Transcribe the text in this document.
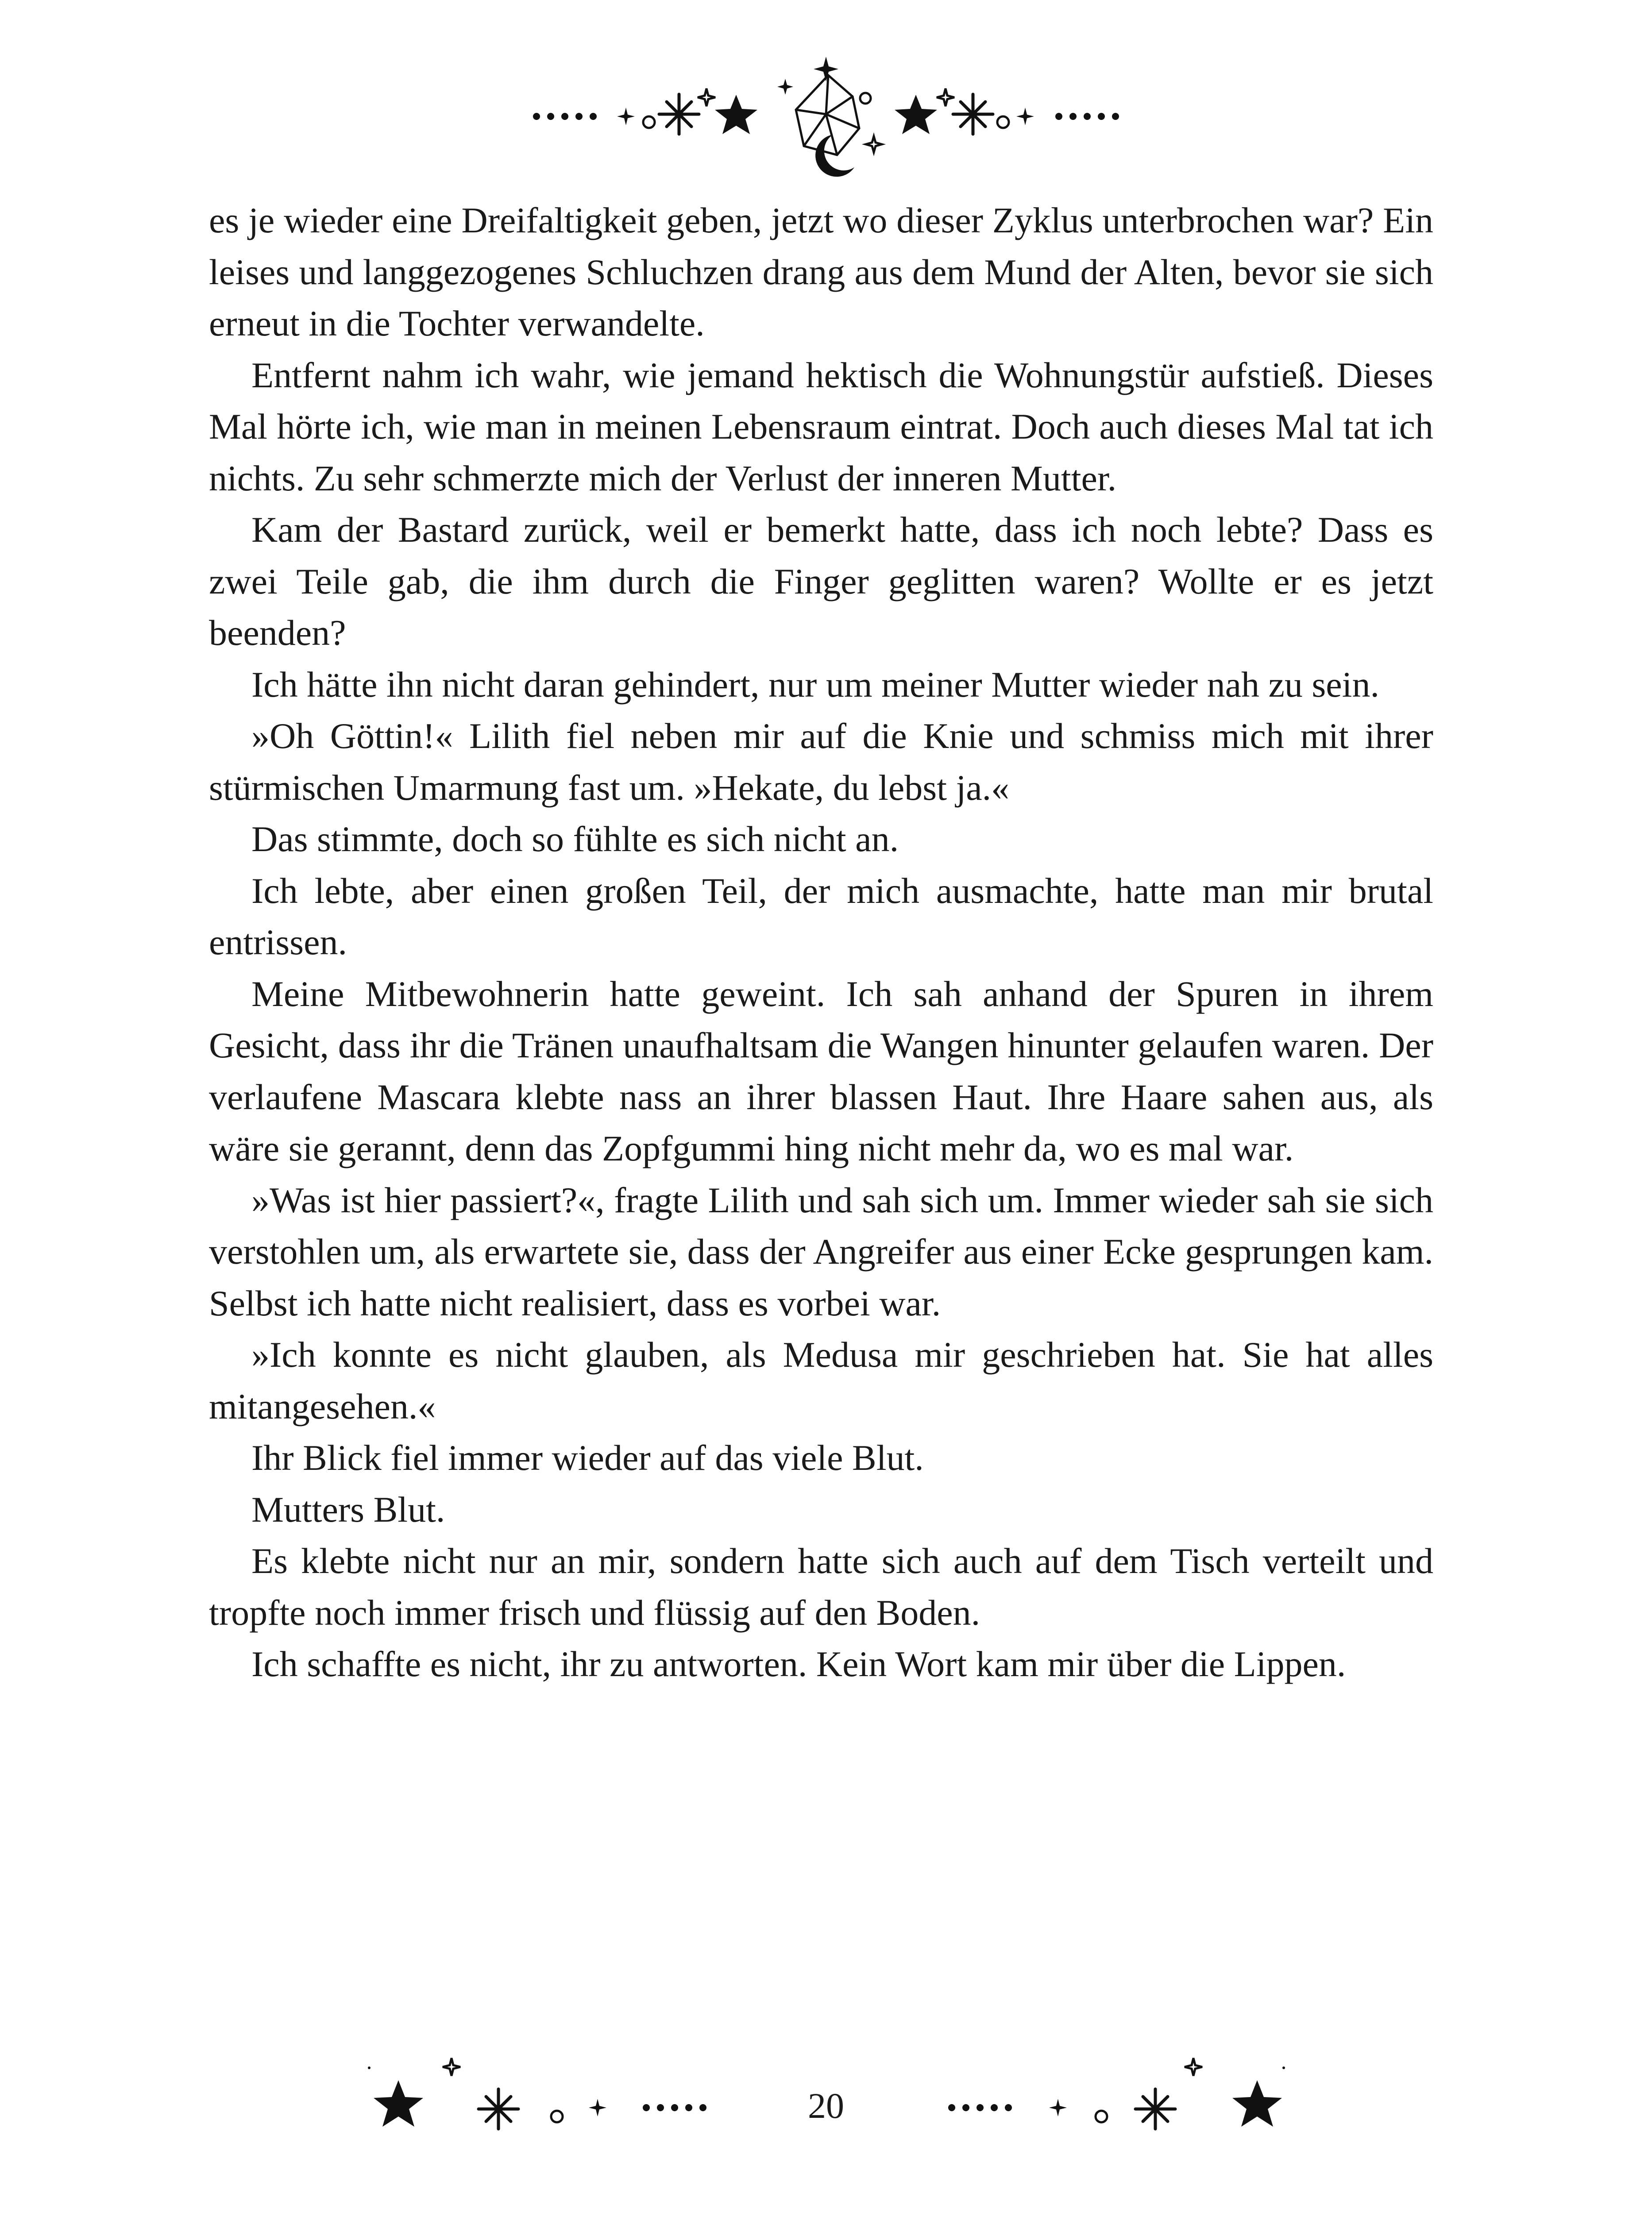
es je wieder eine Dreifaltigkeit geben, jetzt wo dieser Zyklus unterbrochen war? Ein leises und langgezogenes Schluchzen drang aus dem Mund der Alten, bevor sie sich erneut in die Tochter verwandelte.

Entfernt nahm ich wahr, wie jemand hektisch die Wohnungstür aufstieß. Dieses Mal hörte ich, wie man in meinen Lebensraum eintrat. Doch auch dieses Mal tat ich nichts. Zu sehr schmerzte mich der Verlust der inneren Mutter.

Kam der Bastard zurück, weil er bemerkt hatte, dass ich noch lebte? Dass es zwei Teile gab, die ihm durch die Finger geglitten waren? Wollte er es jetzt beenden?

Ich hätte ihn nicht daran gehindert, nur um meiner Mutter wieder nah zu sein.

»Oh Göttin!« Lilith fiel neben mir auf die Knie und schmiss mich mit ihrer stürmischen Umarmung fast um. »Hekate, du lebst ja.«

Das stimmte, doch so fühlte es sich nicht an.

Ich lebte, aber einen großen Teil, der mich ausmachte, hatte man mir brutal entrissen.

Meine Mitbewohnerin hatte geweint. Ich sah anhand der Spuren in ihrem Gesicht, dass ihr die Tränen unaufhaltsam die Wangen hinunter gelaufen waren. Der verlaufene Mascara klebte nass an ihrer blassen Haut. Ihre Haare sahen aus, als wäre sie gerannt, denn das Zopfgummi hing nicht mehr da, wo es mal war.

»Was ist hier passiert?«, fragte Lilith und sah sich um. Immer wieder sah sie sich verstohlen um, als erwartete sie, dass der Angreifer aus einer Ecke gesprungen kam. Selbst ich hatte nicht realisiert, dass es vorbei war.

»Ich konnte es nicht glauben, als Medusa mir geschrieben hat. Sie hat alles mitangesehen.«

Ihr Blick fiel immer wieder auf das viele Blut.

Mutters Blut.

Es klebte nicht nur an mir, sondern hatte sich auch auf dem Tisch verteilt und tropfte noch immer frisch und flüssig auf den Boden.

Ich schaffte es nicht, ihr zu antworten. Kein Wort kam mir über die Lippen.

20
